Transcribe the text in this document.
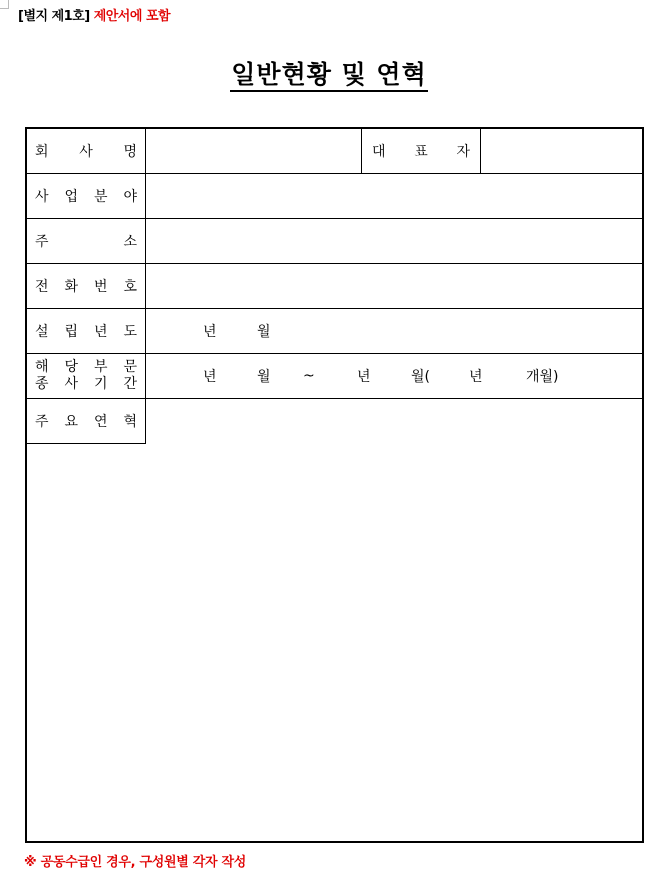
[별지 제1호] 제안서에 포함
일반현황 및 연혁
회 사 명	대 표 자
사 업 분 야
주	소
전 화 번 호
설 립 년 도	년	월
해 당 부 문
종 사 기 간	년	월 ~	년	월(	년	개월)
주 요 연 혁
※ 공동수급인 경우, 구성원별 각자 작성
